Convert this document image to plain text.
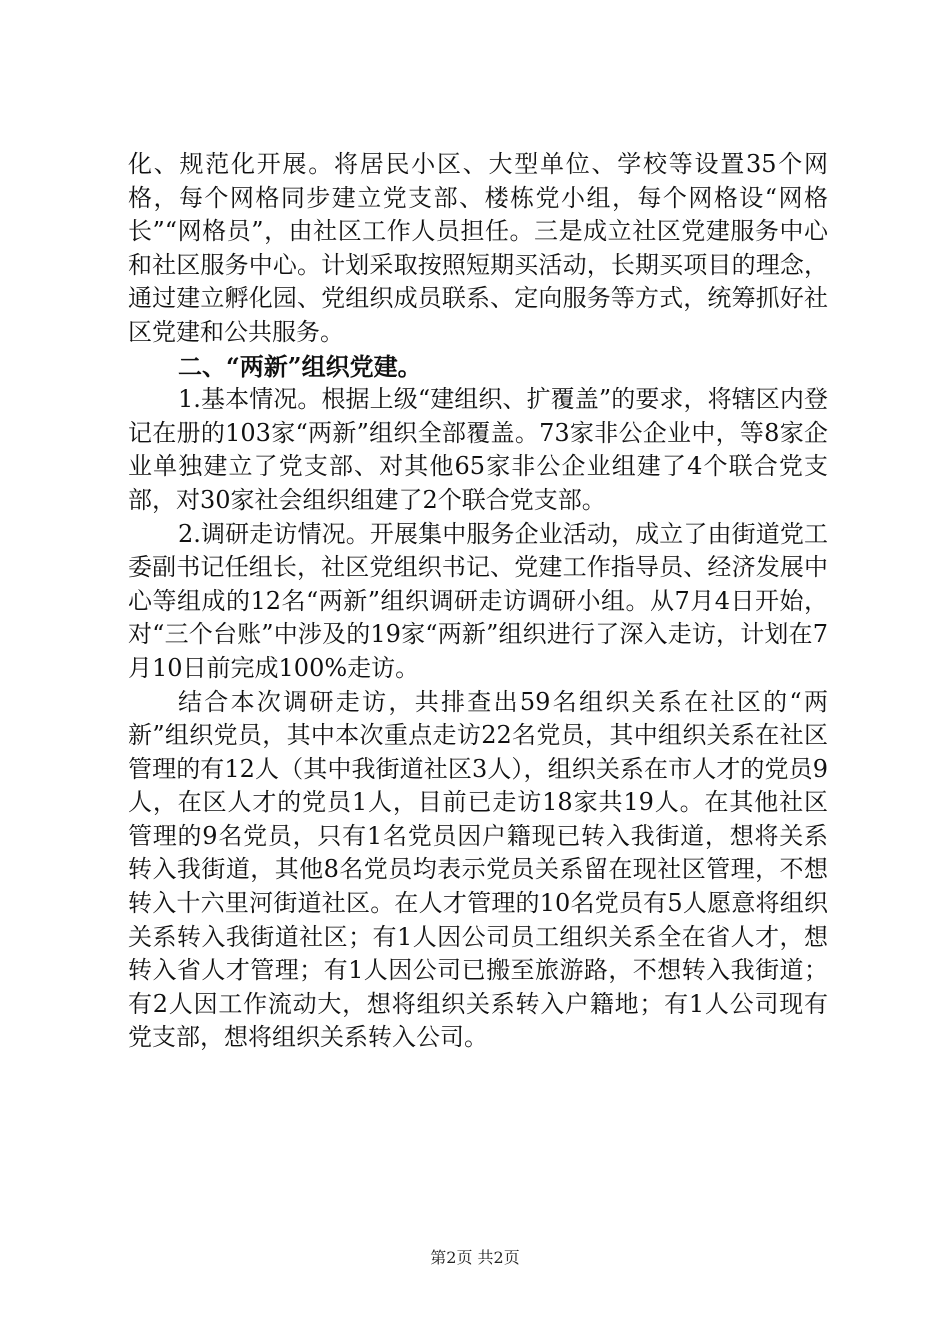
化、规范化开展。将居民小区、大型单位、学校等设置35个网格，每个网格同步建立党支部、楼栋党小组，每个网格设“网格长”“网格员”，由社区工作人员担任。三是成立社区党建服务中心和社区服务中心。计划采取按照短期买活动，长期买项目的理念，通过建立孵化园、党组织成员联系、定向服务等方式，统筹抓好社区党建和公共服务。

二、“两新”组织党建。

1.基本情况。根据上级“建组织、扩覆盖”的要求，将辖区内登记在册的103家“两新”组织全部覆盖。73家非公企业中，等8家企业单独建立了党支部、对其他65家非公企业组建了4个联合党支部，对30家社会组织组建了2个联合党支部。

2.调研走访情况。开展集中服务企业活动，成立了由街道党工委副书记任组长，社区党组织书记、党建工作指导员、经济发展中心等组成的12名“两新”组织调研走访调研小组。从7月4日开始，对“三个台账”中涉及的19家“两新”组织进行了深入走访，计划在7月10日前完成100%走访。

结合本次调研走访，共排查出59名组织关系在社区的“两新”组织党员，其中本次重点走访22名党员，其中组织关系在社区管理的有12人（其中我街道社区3人），组织关系在市人才的党员9人，在区人才的党员1人，目前已走访18家共19人。在其他社区管理的9名党员，只有1名党员因户籍现已转入我街道，想将关系转入我街道，其他8名党员均表示党员关系留在现社区管理，不想转入十六里河街道社区。在人才管理的10名党员有5人愿意将组织关系转入我街道社区；有1人因公司员工组织关系全在省人才，想转入省人才管理；有1人因公司已搬至旅游路，不想转入我街道；有2人因工作流动大，想将组织关系转入户籍地；有1人公司现有党支部，想将组织关系转入公司。

第2页 共2页
